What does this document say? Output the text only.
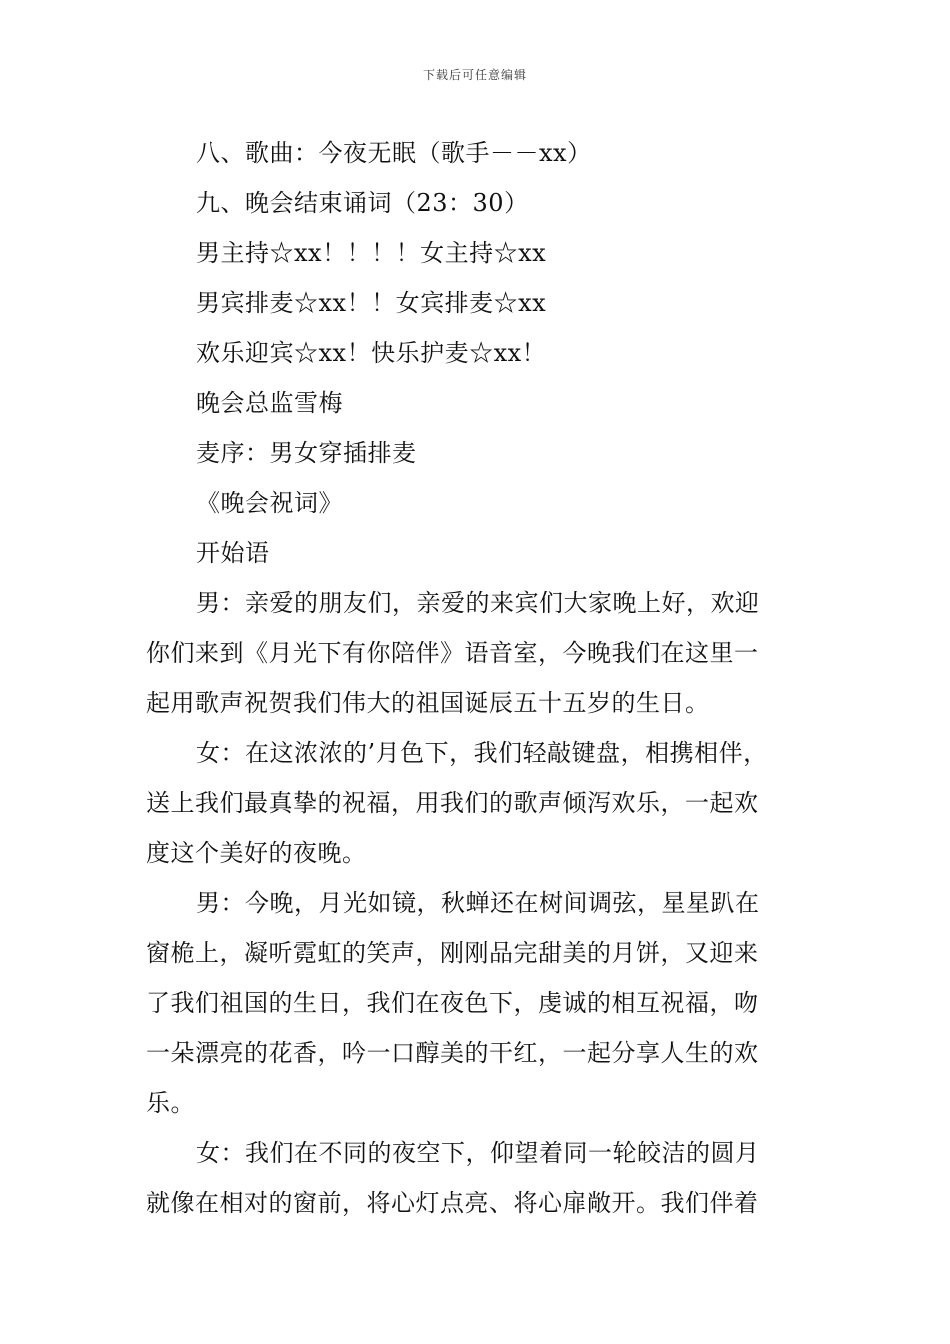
下载后可任意编辑
八、歌曲：今夜无眠（歌手－－xx）
九、晚会结束诵词（23：30）
男主持☆xx！！！！女主持☆xx
男宾排麦☆xx！！女宾排麦☆xx
欢乐迎宾☆xx！快乐护麦☆xx！
晚会总监雪梅
麦序：男女穿插排麦
《晚会祝词》
开始语
男：亲爱的朋友们，亲爱的来宾们大家晚上好，欢迎
你们来到《月光下有你陪伴》语音室，今晚我们在这里一
起用歌声祝贺我们伟大的祖国诞辰五十五岁的生日。
女：在这浓浓的’月色下，我们轻敲键盘，相携相伴，
送上我们最真挚的祝福，用我们的歌声倾泻欢乐，一起欢
度这个美好的夜晚。
男：今晚，月光如镜，秋蝉还在树间调弦，星星趴在
窗桅上，凝听霓虹的笑声，刚刚品完甜美的月饼，又迎来
了我们祖国的生日，我们在夜色下，虔诚的相互祝福，吻
一朵漂亮的花香，吟一口醇美的干红，一起分享人生的欢
乐。
女：我们在不同的夜空下，仰望着同一轮皎洁的圆月
就像在相对的窗前，将心灯点亮、将心扉敞开。我们伴着
